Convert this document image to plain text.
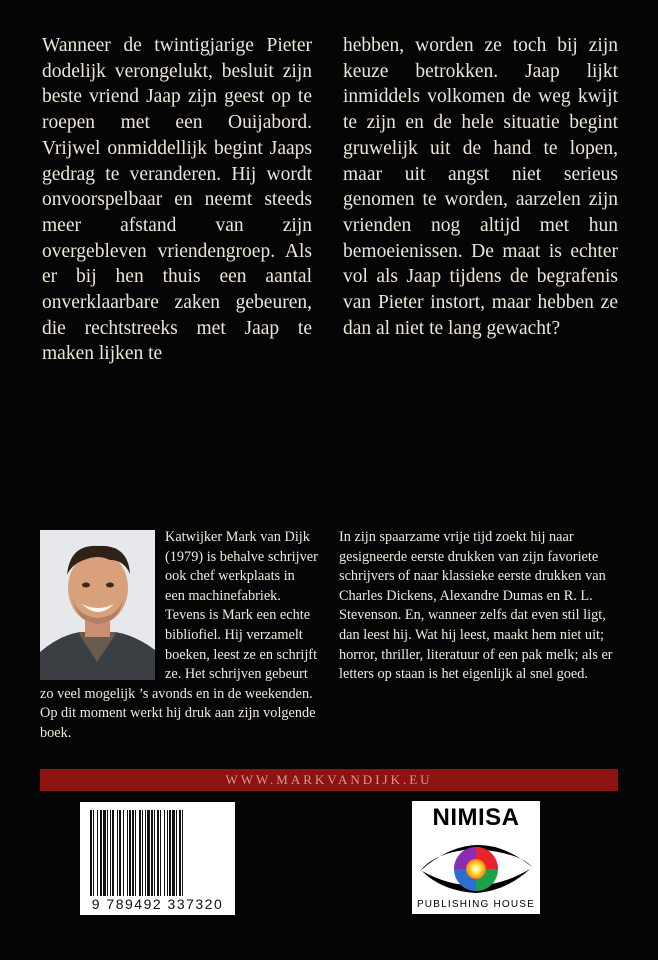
Wanneer de twintigjarige Pieter dodelijk verongelukt, besluit zijn beste vriend Jaap zijn geest op te roepen met een Ouijabord. Vrijwel onmiddellijk begint Jaaps gedrag te veranderen. Hij wordt onvoorspelbaar en neemt steeds meer afstand van zijn overgebleven vriendengroep. Als er bij hen thuis een aantal onverklaarbare zaken gebeuren, die rechtstreeks met Jaap te maken lijken te

hebben, worden ze toch bij zijn keuze betrokken. Jaap lijkt inmiddels volkomen de weg kwijt te zijn en de hele situatie begint gruwelijk uit de hand te lopen, maar uit angst niet serieus genomen te worden, aarzelen zijn vrienden nog altijd met hun bemoeienissen. De maat is echter vol als Jaap tijdens de begrafenis van Pieter instort, maar hebben ze dan al niet te lang gewacht?

Katwijker Mark van Dijk (1979) is behalve schrijver ook chef werkplaats in een machinefabriek. Tevens is Mark een echte bibliofiel. Hij verzamelt boeken, leest ze en schrijft ze. Het schrijven gebeurt zo veel mogelijk ’s avonds en in de weekenden. Op dit moment werkt hij druk aan zijn volgende boek.

In zijn spaarzame vrije tijd zoekt hij naar gesigneerde eerste drukken van zijn favoriete schrijvers of naar klassieke eerste drukken van Charles Dickens, Alexandre Dumas en R. L. Stevenson. En, wanneer zelfs dat even stil ligt, dan leest hij. Wat hij leest, maakt hem niet uit; horror, thriller, literatuur of een pak melk; als er letters op staan is het eigenlijk al snel goed.

WWW.MARKVANDIJK.EU
9 789492 337320
NIMISA
PUBLISHING HOUSE
